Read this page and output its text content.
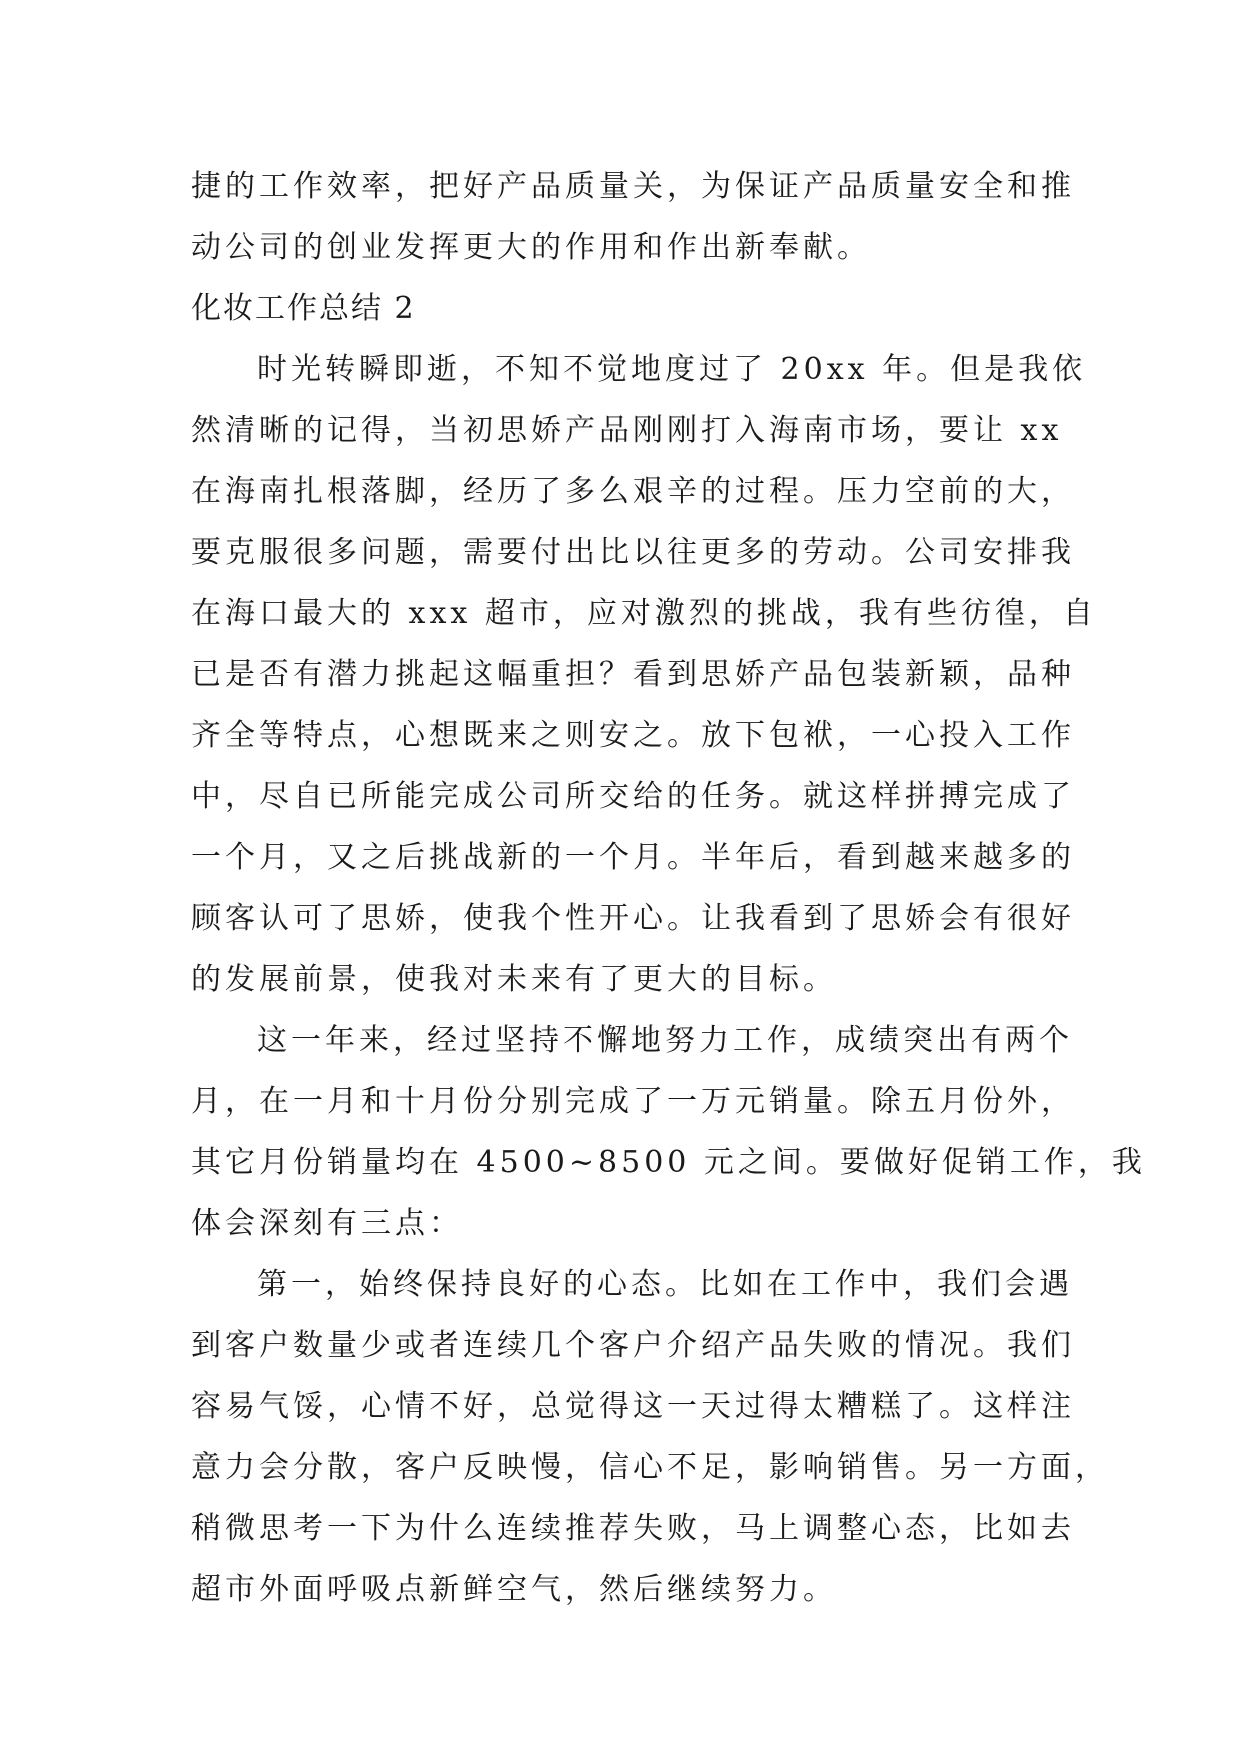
捷的工作效率，把好产品质量关，为保证产品质量安全和推
动公司的创业发挥更大的作用和作出新奉献。
化妆工作总结 2
时光转瞬即逝，不知不觉地度过了 20xx 年。但是我依
然清晰的记得，当初思娇产品刚刚打入海南市场，要让 xx
在海南扎根落脚，经历了多么艰辛的过程。压力空前的大，
要克服很多问题，需要付出比以往更多的劳动。公司安排我
在海口最大的 xxx 超市，应对激烈的挑战，我有些彷徨，自
已是否有潜力挑起这幅重担？看到思娇产品包装新颖，品种
齐全等特点，心想既来之则安之。放下包袱，一心投入工作
中，尽自已所能完成公司所交给的任务。就这样拼搏完成了
一个月，又之后挑战新的一个月。半年后，看到越来越多的
顾客认可了思娇，使我个性开心。让我看到了思娇会有很好
的发展前景，使我对未来有了更大的目标。
这一年来，经过坚持不懈地努力工作，成绩突出有两个
月，在一月和十月份分别完成了一万元销量。除五月份外，
其它月份销量均在 4500~8500 元之间。要做好促销工作，我
体会深刻有三点：
第一，始终保持良好的心态。比如在工作中，我们会遇
到客户数量少或者连续几个客户介绍产品失败的情况。我们
容易气馁，心情不好，总觉得这一天过得太糟糕了。这样注
意力会分散，客户反映慢，信心不足，影响销售。另一方面，
稍微思考一下为什么连续推荐失败，马上调整心态，比如去
超市外面呼吸点新鲜空气，然后继续努力。
